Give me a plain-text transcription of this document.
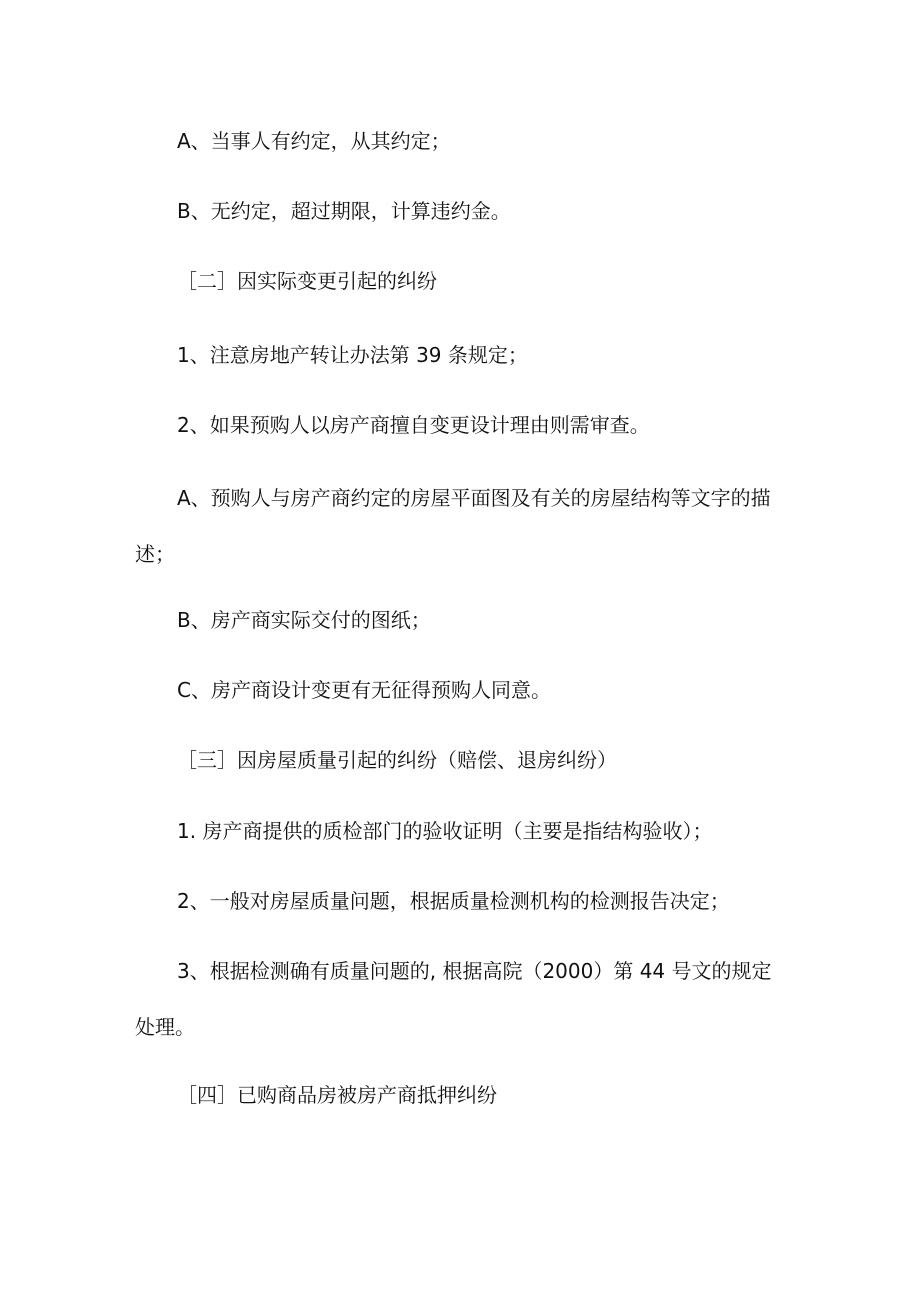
A、当事人有约定，从其约定；
B、无约定，超过期限，计算违约金。
［二］因实际变更引起的纠纷
1、注意房地产转让办法第 39 条规定；
2、如果预购人以房产商擅自变更设计理由则需审查。
A、预购人与房产商约定的房屋平面图及有关的房屋结构等文字的描述；
B、房产商实际交付的图纸；
C、房产商设计变更有无征得预购人同意。
［三］因房屋质量引起的纠纷（赔偿、退房纠纷）
1. 房产商提供的质检部门的验收证明（主要是指结构验收）；
2、一般对房屋质量问题，根据质量检测机构的检测报告决定；
3、根据检测确有质量问题的, 根据高院（2000）第 44 号文的规定处理。
［四］已购商品房被房产商抵押纠纷
